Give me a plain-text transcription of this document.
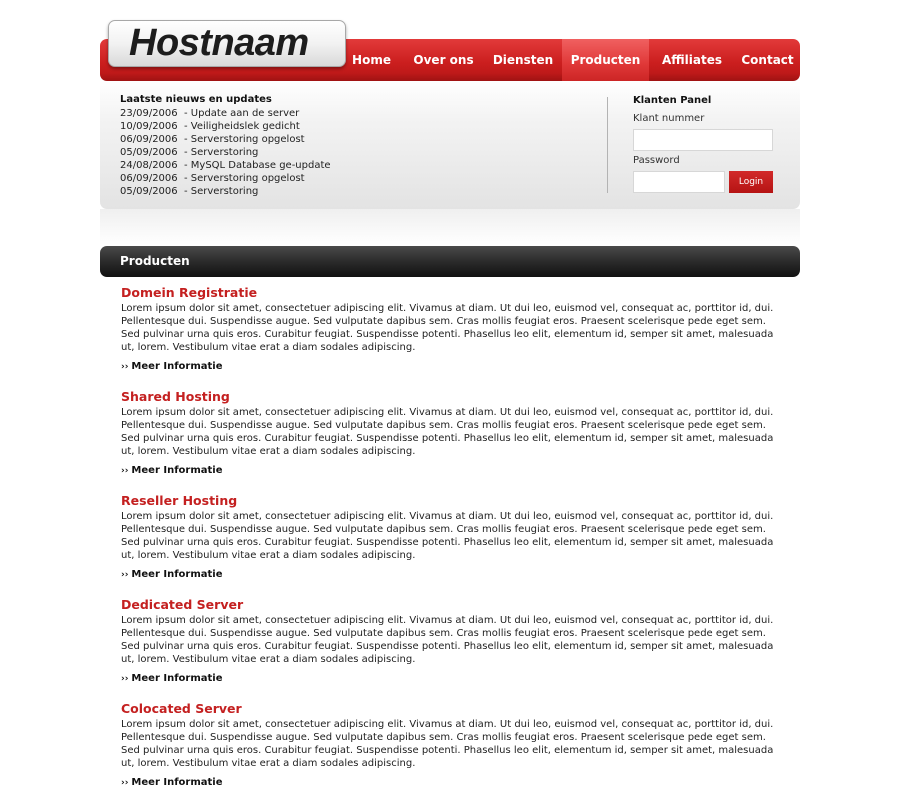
Hostnaam	Home	Over ons	Diensten	Producten	Affiliates	Contact
Laatste nieuws en updates
23/09/2006  - Update aan de server
10/09/2006  - Veiligheidslek gedicht
06/09/2006  - Serverstoring opgelost
05/09/2006  - Serverstoring
24/08/2006  - MySQL Database ge-update
06/09/2006  - Serverstoring opgelost
05/09/2006  - Serverstoring
Klanten Panel
Klant nummer
Password
Login
Producten
Domein Registratie
Lorem ipsum dolor sit amet, consectetuer adipiscing elit. Vivamus at diam. Ut dui leo, euismod vel, consequat ac, porttitor id, dui. Pellentesque dui. Suspendisse augue. Sed vulputate dapibus sem. Cras mollis feugiat eros. Praesent scelerisque pede eget sem. Sed pulvinar urna quis eros. Curabitur feugiat. Suspendisse potenti. Phasellus leo elit, elementum id, semper sit amet, malesuada ut, lorem. Vestibulum vitae erat a diam sodales adipiscing.
›› Meer Informatie
Shared Hosting
Lorem ipsum dolor sit amet, consectetuer adipiscing elit. Vivamus at diam. Ut dui leo, euismod vel, consequat ac, porttitor id, dui. Pellentesque dui. Suspendisse augue. Sed vulputate dapibus sem. Cras mollis feugiat eros. Praesent scelerisque pede eget sem. Sed pulvinar urna quis eros. Curabitur feugiat. Suspendisse potenti. Phasellus leo elit, elementum id, semper sit amet, malesuada ut, lorem. Vestibulum vitae erat a diam sodales adipiscing.
›› Meer Informatie
Reseller Hosting
Lorem ipsum dolor sit amet, consectetuer adipiscing elit. Vivamus at diam. Ut dui leo, euismod vel, consequat ac, porttitor id, dui. Pellentesque dui. Suspendisse augue. Sed vulputate dapibus sem. Cras mollis feugiat eros. Praesent scelerisque pede eget sem. Sed pulvinar urna quis eros. Curabitur feugiat. Suspendisse potenti. Phasellus leo elit, elementum id, semper sit amet, malesuada ut, lorem. Vestibulum vitae erat a diam sodales adipiscing.
›› Meer Informatie
Dedicated Server
Lorem ipsum dolor sit amet, consectetuer adipiscing elit. Vivamus at diam. Ut dui leo, euismod vel, consequat ac, porttitor id, dui. Pellentesque dui. Suspendisse augue. Sed vulputate dapibus sem. Cras mollis feugiat eros. Praesent scelerisque pede eget sem. Sed pulvinar urna quis eros. Curabitur feugiat. Suspendisse potenti. Phasellus leo elit, elementum id, semper sit amet, malesuada ut, lorem. Vestibulum vitae erat a diam sodales adipiscing.
›› Meer Informatie
Colocated Server
Lorem ipsum dolor sit amet, consectetuer adipiscing elit. Vivamus at diam. Ut dui leo, euismod vel, consequat ac, porttitor id, dui. Pellentesque dui. Suspendisse augue. Sed vulputate dapibus sem. Cras mollis feugiat eros. Praesent scelerisque pede eget sem. Sed pulvinar urna quis eros. Curabitur feugiat. Suspendisse potenti. Phasellus leo elit, elementum id, semper sit amet, malesuada ut, lorem. Vestibulum vitae erat a diam sodales adipiscing.
›› Meer Informatie
